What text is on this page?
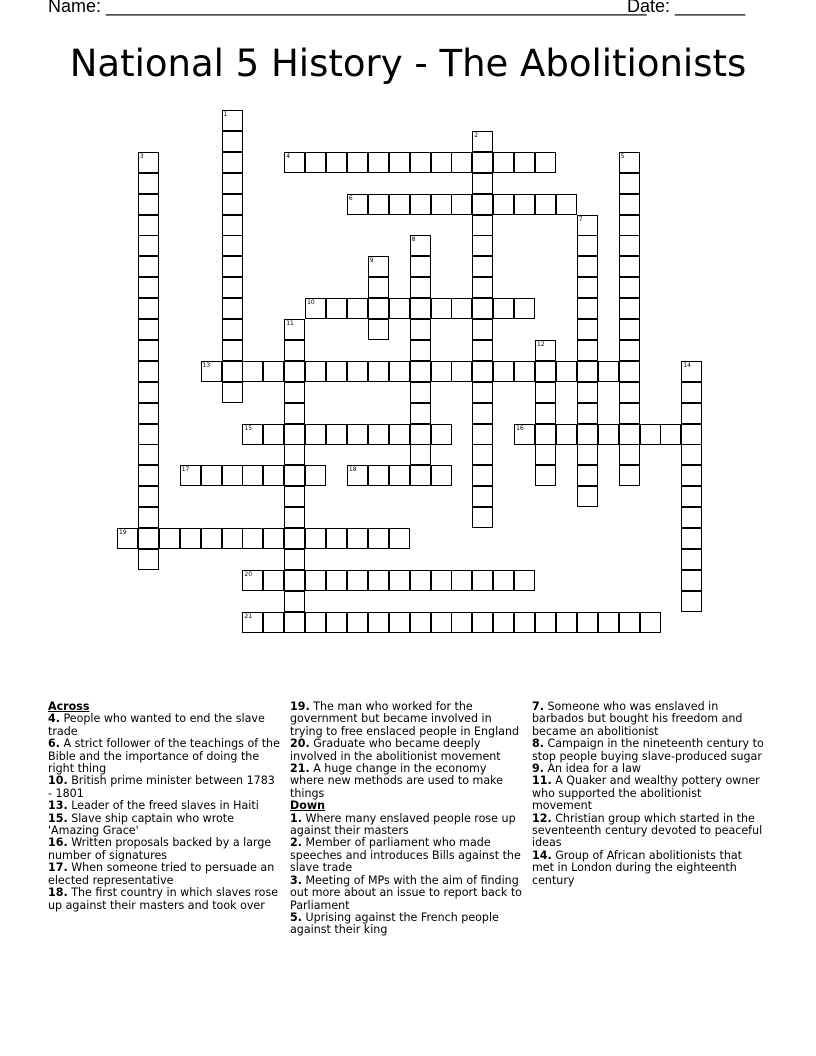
Name: ______________________________________________________
Date: _______
National 5 History - The Abolitionists
1
2
3	4	5
6
7
8
9
10
11
12
13	14
15	16
17	18
19
20
21

Across

4. People who wanted to end the slave trade

6. A strict follower of the teachings of the Bible and the importance of doing the right thing

10. British prime minister between 1783 - 1801

13. Leader of the freed slaves in Haiti

15. Slave ship captain who wrote 'Amazing Grace'

16. Written proposals backed by a large number of signatures

17. When someone tried to persuade an elected representative

18. The first country in which slaves rose up against their masters and took over

19. The man who worked for the government but became involved in trying to free enslaced people in England

20. Graduate who became deeply involved in the abolitionist movement

21. A huge change in the economy where new methods are used to make things

Down

1. Where many enslaved people rose up against their masters

2. Member of parliament who made speeches and introduces Bills against the slave trade

3. Meeting of MPs with the aim of finding out more about an issue to report back to Parliament

5. Uprising against the French people against their king

7. Someone who was enslaved in barbados but bought his freedom and became an abolitionist

8. Campaign in the nineteenth century to stop people buying slave-produced sugar

9. An idea for a law

11. A Quaker and wealthy pottery owner who supported the abolitionist movement

12. Christian group which started in the seventeenth century devoted to peaceful ideas

14. Group of African abolitionists that met in London during the eighteenth century
